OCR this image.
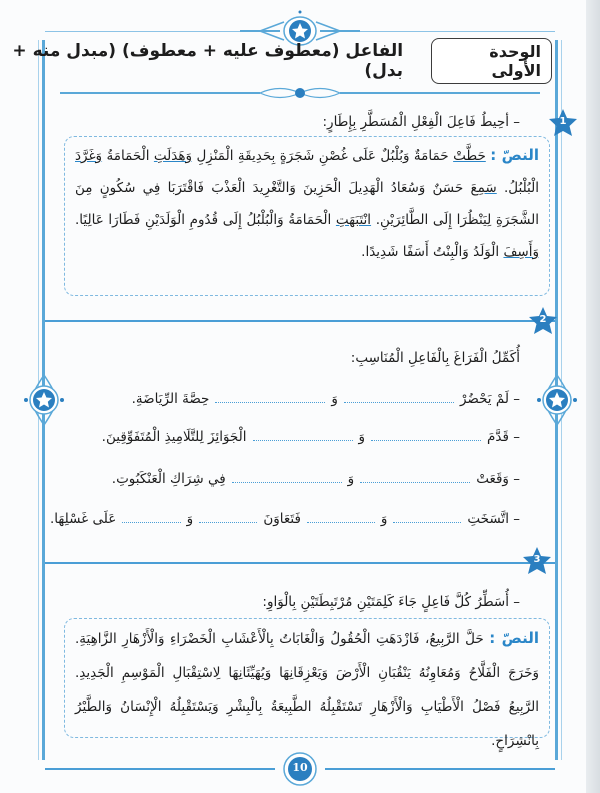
الوحدة الأولى
الفاعل (معطوف عليه + معطوف) (مبدل منه + بدل)
1
– أحِيطُ فَاعِلَ الْفِعْلِ الْمُسَطَّرِ بِإِطَارٍ:
النصّ : حَطَّتْ حَمَامَةٌ وَبُلْبُلٌ عَلَى غُصْنِ شَجَرَةٍ بِحَدِيقَةِ الْمَنْزِلِ وَهَدَلَتِ الْحَمَامَةُ وَغَرَّدَ الْبُلْبُلُ. سَمِعَ حَسَنٌ وَسُعَادُ الْهَدِيلَ الْحَزِينَ وَالتَّغْرِيدَ الْعَذْبَ فَاقْتَرَبَا فِي سُكُونٍ مِنَ الشَّجَرَةِ لِيَنْظُرَا إِلَى الطَّائِرَيْنِ. انْتَبَهَتِ الْحَمَامَةُ وَالْبُلْبُلُ إِلَى قُدُومِ الْوَلَدَيْنِ فَطَارَا عَالِيًا. وَأَسِفَ الْوَلَدُ وَالْبِنْتُ أَسَفًا شَدِيدًا.
2
أُكَمِّلُ الْفَرَاغَ بِالْفَاعِلِ الْمُنَاسِبِ:
– لَمْ يَحْضُرْ
وَ
حِصَّةَ الرِّيَاضَةِ.
– قَدَّمَ
وَ
الْجَوَائِزَ لِلتَّلَامِيذِ الْمُتَفَوِّقِينَ.
– وَقَعَتْ
وَ
فِي شِرَاكِ الْعَنْكَبُوتِ.
– اتَّسَخَتِ
وَ
فَتَعَاوَنَ
وَ
عَلَى غَسْلِهَا.
3
– أُسَطِّرُ كُلَّ فَاعِلٍ جَاءَ كَلِمَتَيْنِ مُرْتَبِطَتَيْنِ بِالْوَاوِ:
النصّ : حَلَّ الرَّبِيعُ، فَازْدَهَتِ الْحُقُولُ وَالْغَابَاتُ بِالْأَعْشَابِ الْخَضْرَاءِ وَالْأَزْهَارِ الزَّاهِيَةِ. وَخَرَجَ الْفَلَّاحُ وَمُعَاوِنُهُ يَنْقُبَانِ الْأَرْضَ وَيَعْزِقَانِهَا وَيُهَيِّئَانِهَا لِاسْتِقْبَالِ الْمَوْسِمِ الْجَدِيدِ. الرَّبِيعُ فَصْلُ الْأَطْيَابِ وَالْأَزْهَارِ تَسْتَقْبِلُهُ الطَّبِيعَةُ بِالْبِشْرِ وَيَسْتَقْبِلُهُ الْإِنْسَانُ وَالطَّيْرُ بِانْشِرَاحٍ.
10
